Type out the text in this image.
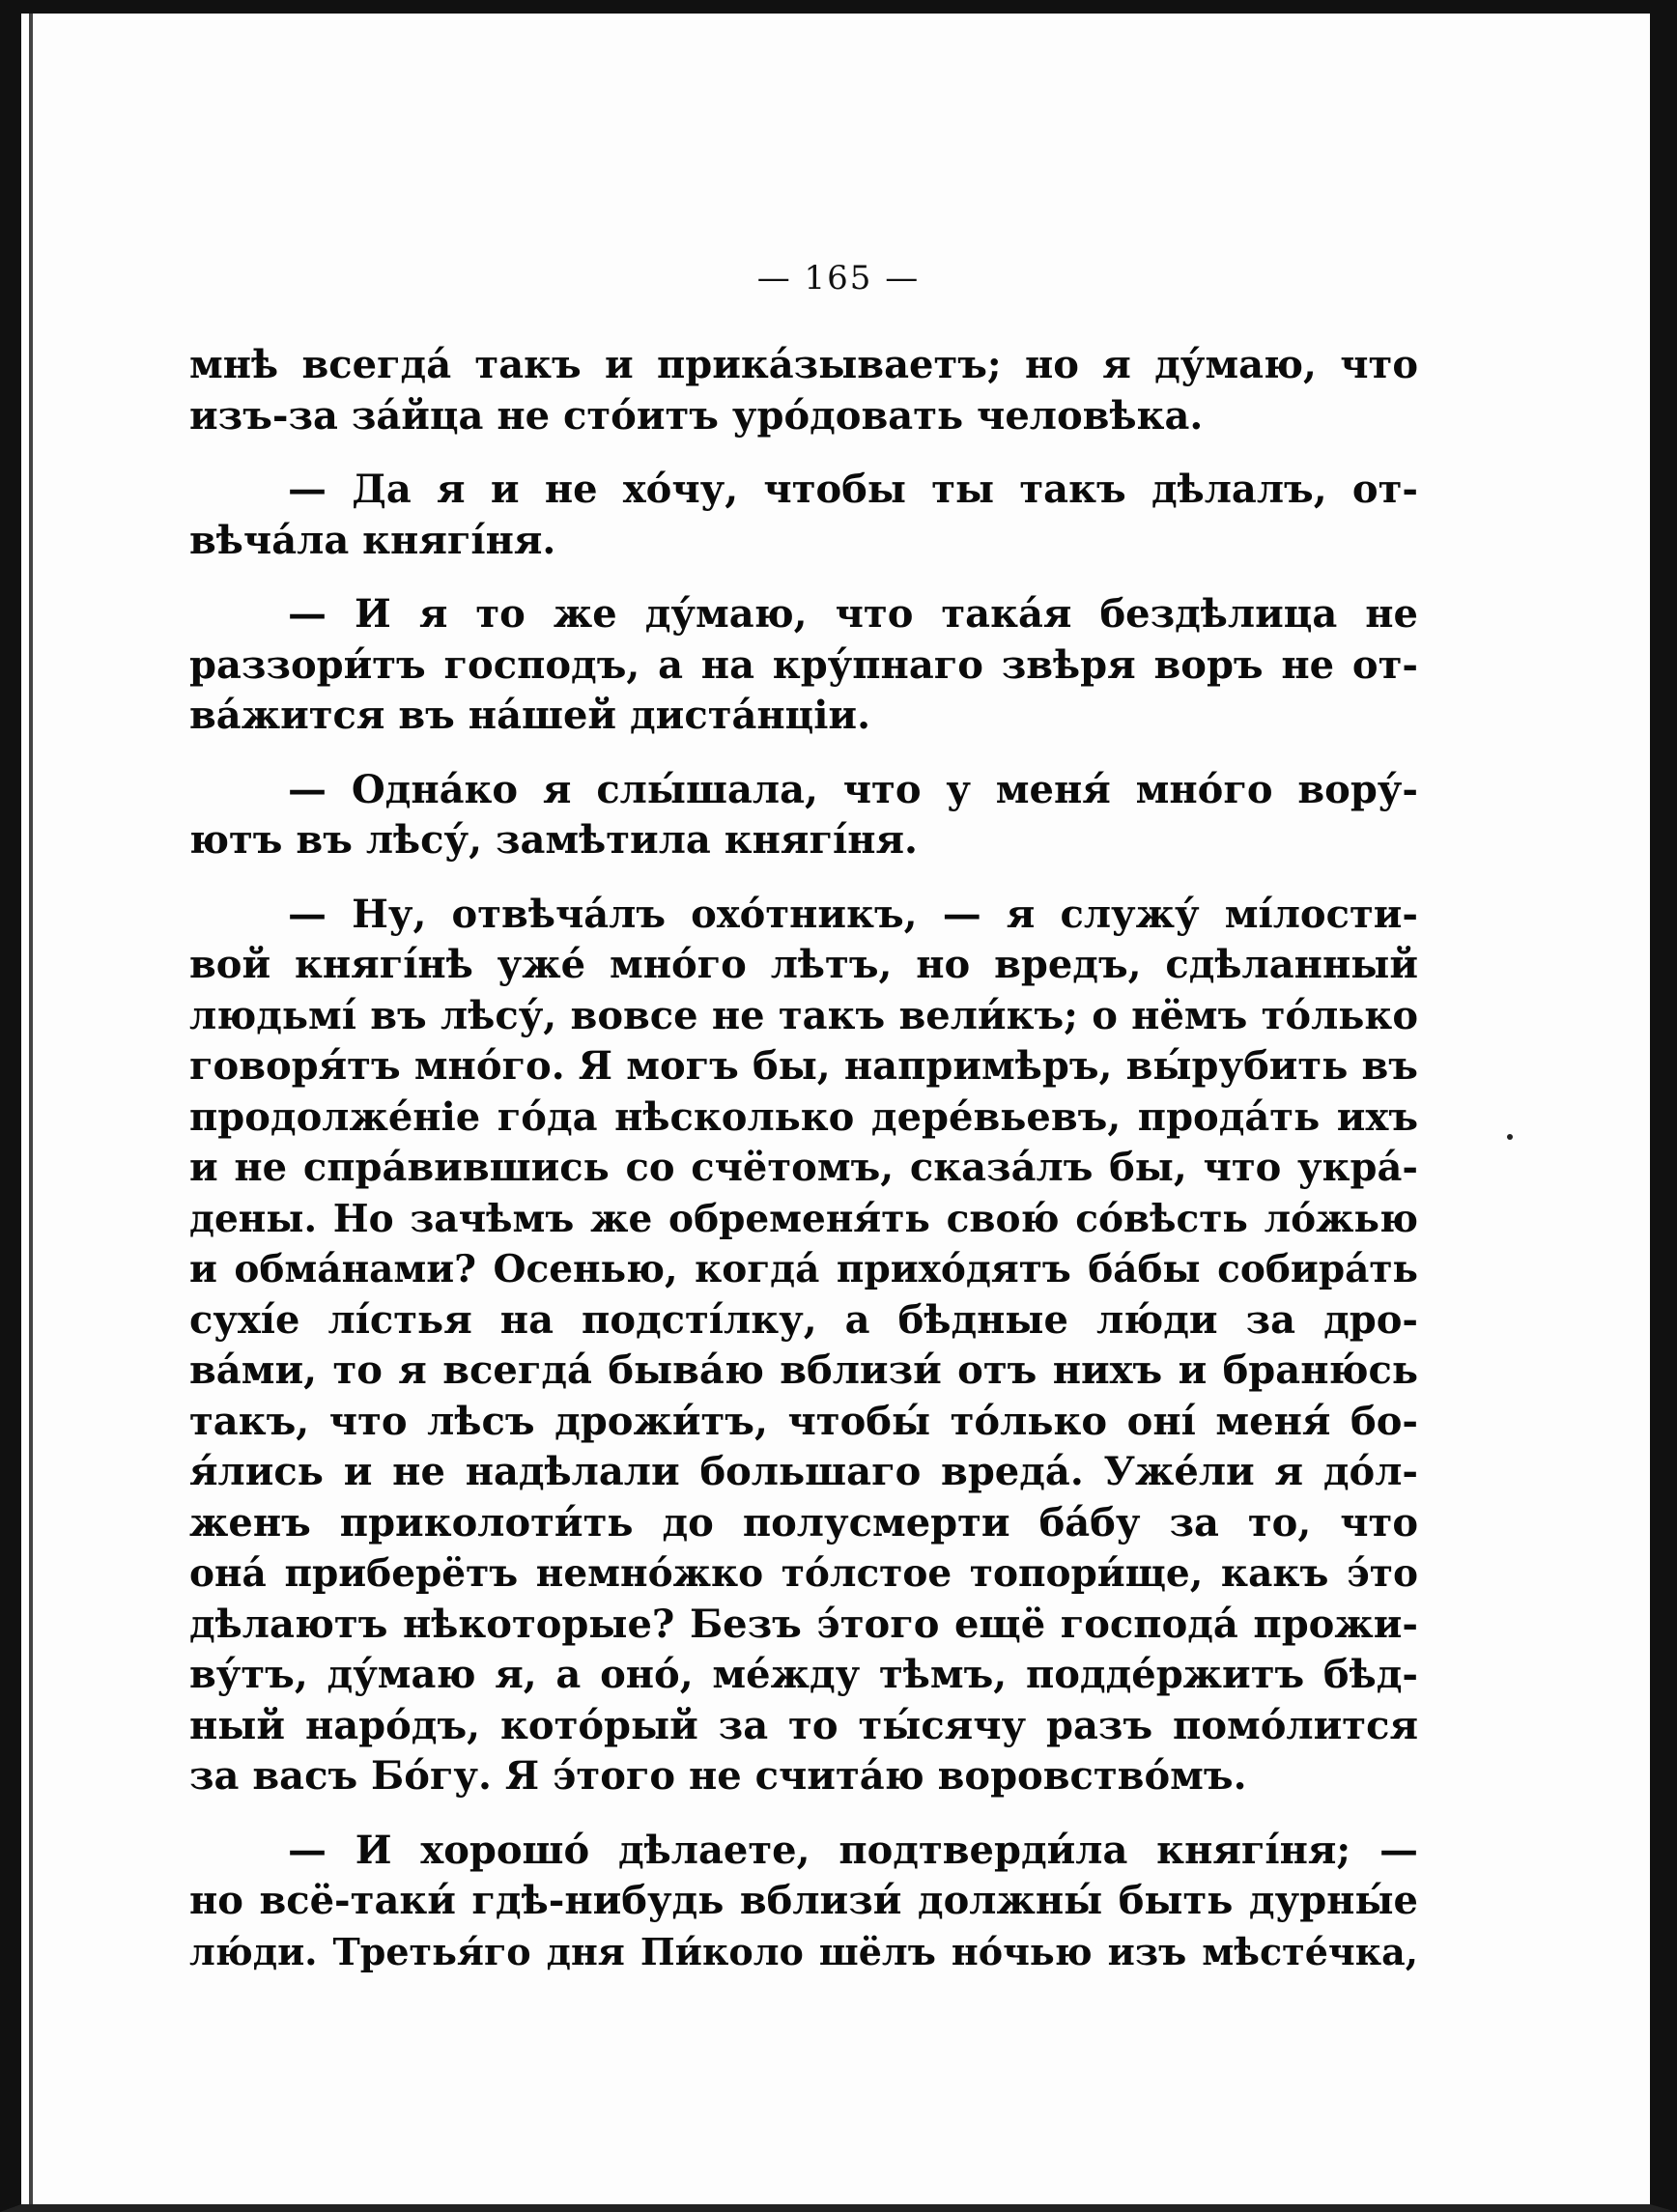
— 165 —
мнѣ всегда́ такъ и прика́зываетъ; но я ду́маю, что
изъ-за за́йца не сто́итъ уро́довать человѣка.
— Да я и не хо́чу, чтобы ты такъ дѣлалъ, от-
вѣча́ла княгі́ня.
— И я то же ду́маю, что така́я бездѣлица не
раззори́тъ господъ, а на кру́пнаго звѣря воръ не от-
ва́жится въ на́шей диста́нціи.
— Одна́ко я слы́шала, что у меня́ мно́го вору́-
ютъ въ лѣсу́, замѣтила княгі́ня.
— Ну, отвѣча́лъ охо́тникъ, — я служу́ мі́лости-
вой княгі́нѣ уже́ мно́го лѣтъ, но вредъ, сдѣланный
людьмі́ въ лѣсу́, вовсе не такъ вели́къ; о нёмъ то́лько
говоря́тъ мно́го. Я могъ бы, напримѣръ, вы́рубить въ
продолже́ніе го́да нѣсколько дере́вьевъ, прода́ть ихъ
и не спра́вившись со счётомъ, сказа́лъ бы, что укра́-
дены. Но зачѣмъ же обременя́ть свою́ со́вѣсть ло́жью
и обма́нами? Осенью, когда́ прихо́дятъ ба́бы собира́ть
сухі́е лі́стья на подсті́лку, а бѣдные лю́ди за дро-
ва́ми, то я всегда́ быва́ю вблизи́ отъ нихъ и браню́сь
такъ, что лѣсъ дрожи́тъ, чтобы́ то́лько оні́ меня́ бо-
я́лись и не надѣлали большаго вреда́. Уже́ли я до́л-
женъ приколоти́ть до полусмерти ба́бу за то, что
она́ приберётъ немно́жко то́лстое топори́ще, какъ э́то
дѣлаютъ нѣкоторые? Безъ э́того ещё господа́ прожи-
ву́тъ, ду́маю я, а оно́, ме́жду тѣмъ, подде́ржитъ бѣд-
ный наро́дъ, кото́рый за то ты́сячу разъ помо́лится
за васъ Бо́гу. Я э́того не счита́ю воровство́мъ.
— И хорошо́ дѣлаете, подтверди́ла княгі́ня; —
но всё-таки́ гдѣ-нибудь вблизи́ должны́ быть дурны́е
лю́ди. Третья́го дня Пи́коло шёлъ но́чью изъ мѣсте́чка,
